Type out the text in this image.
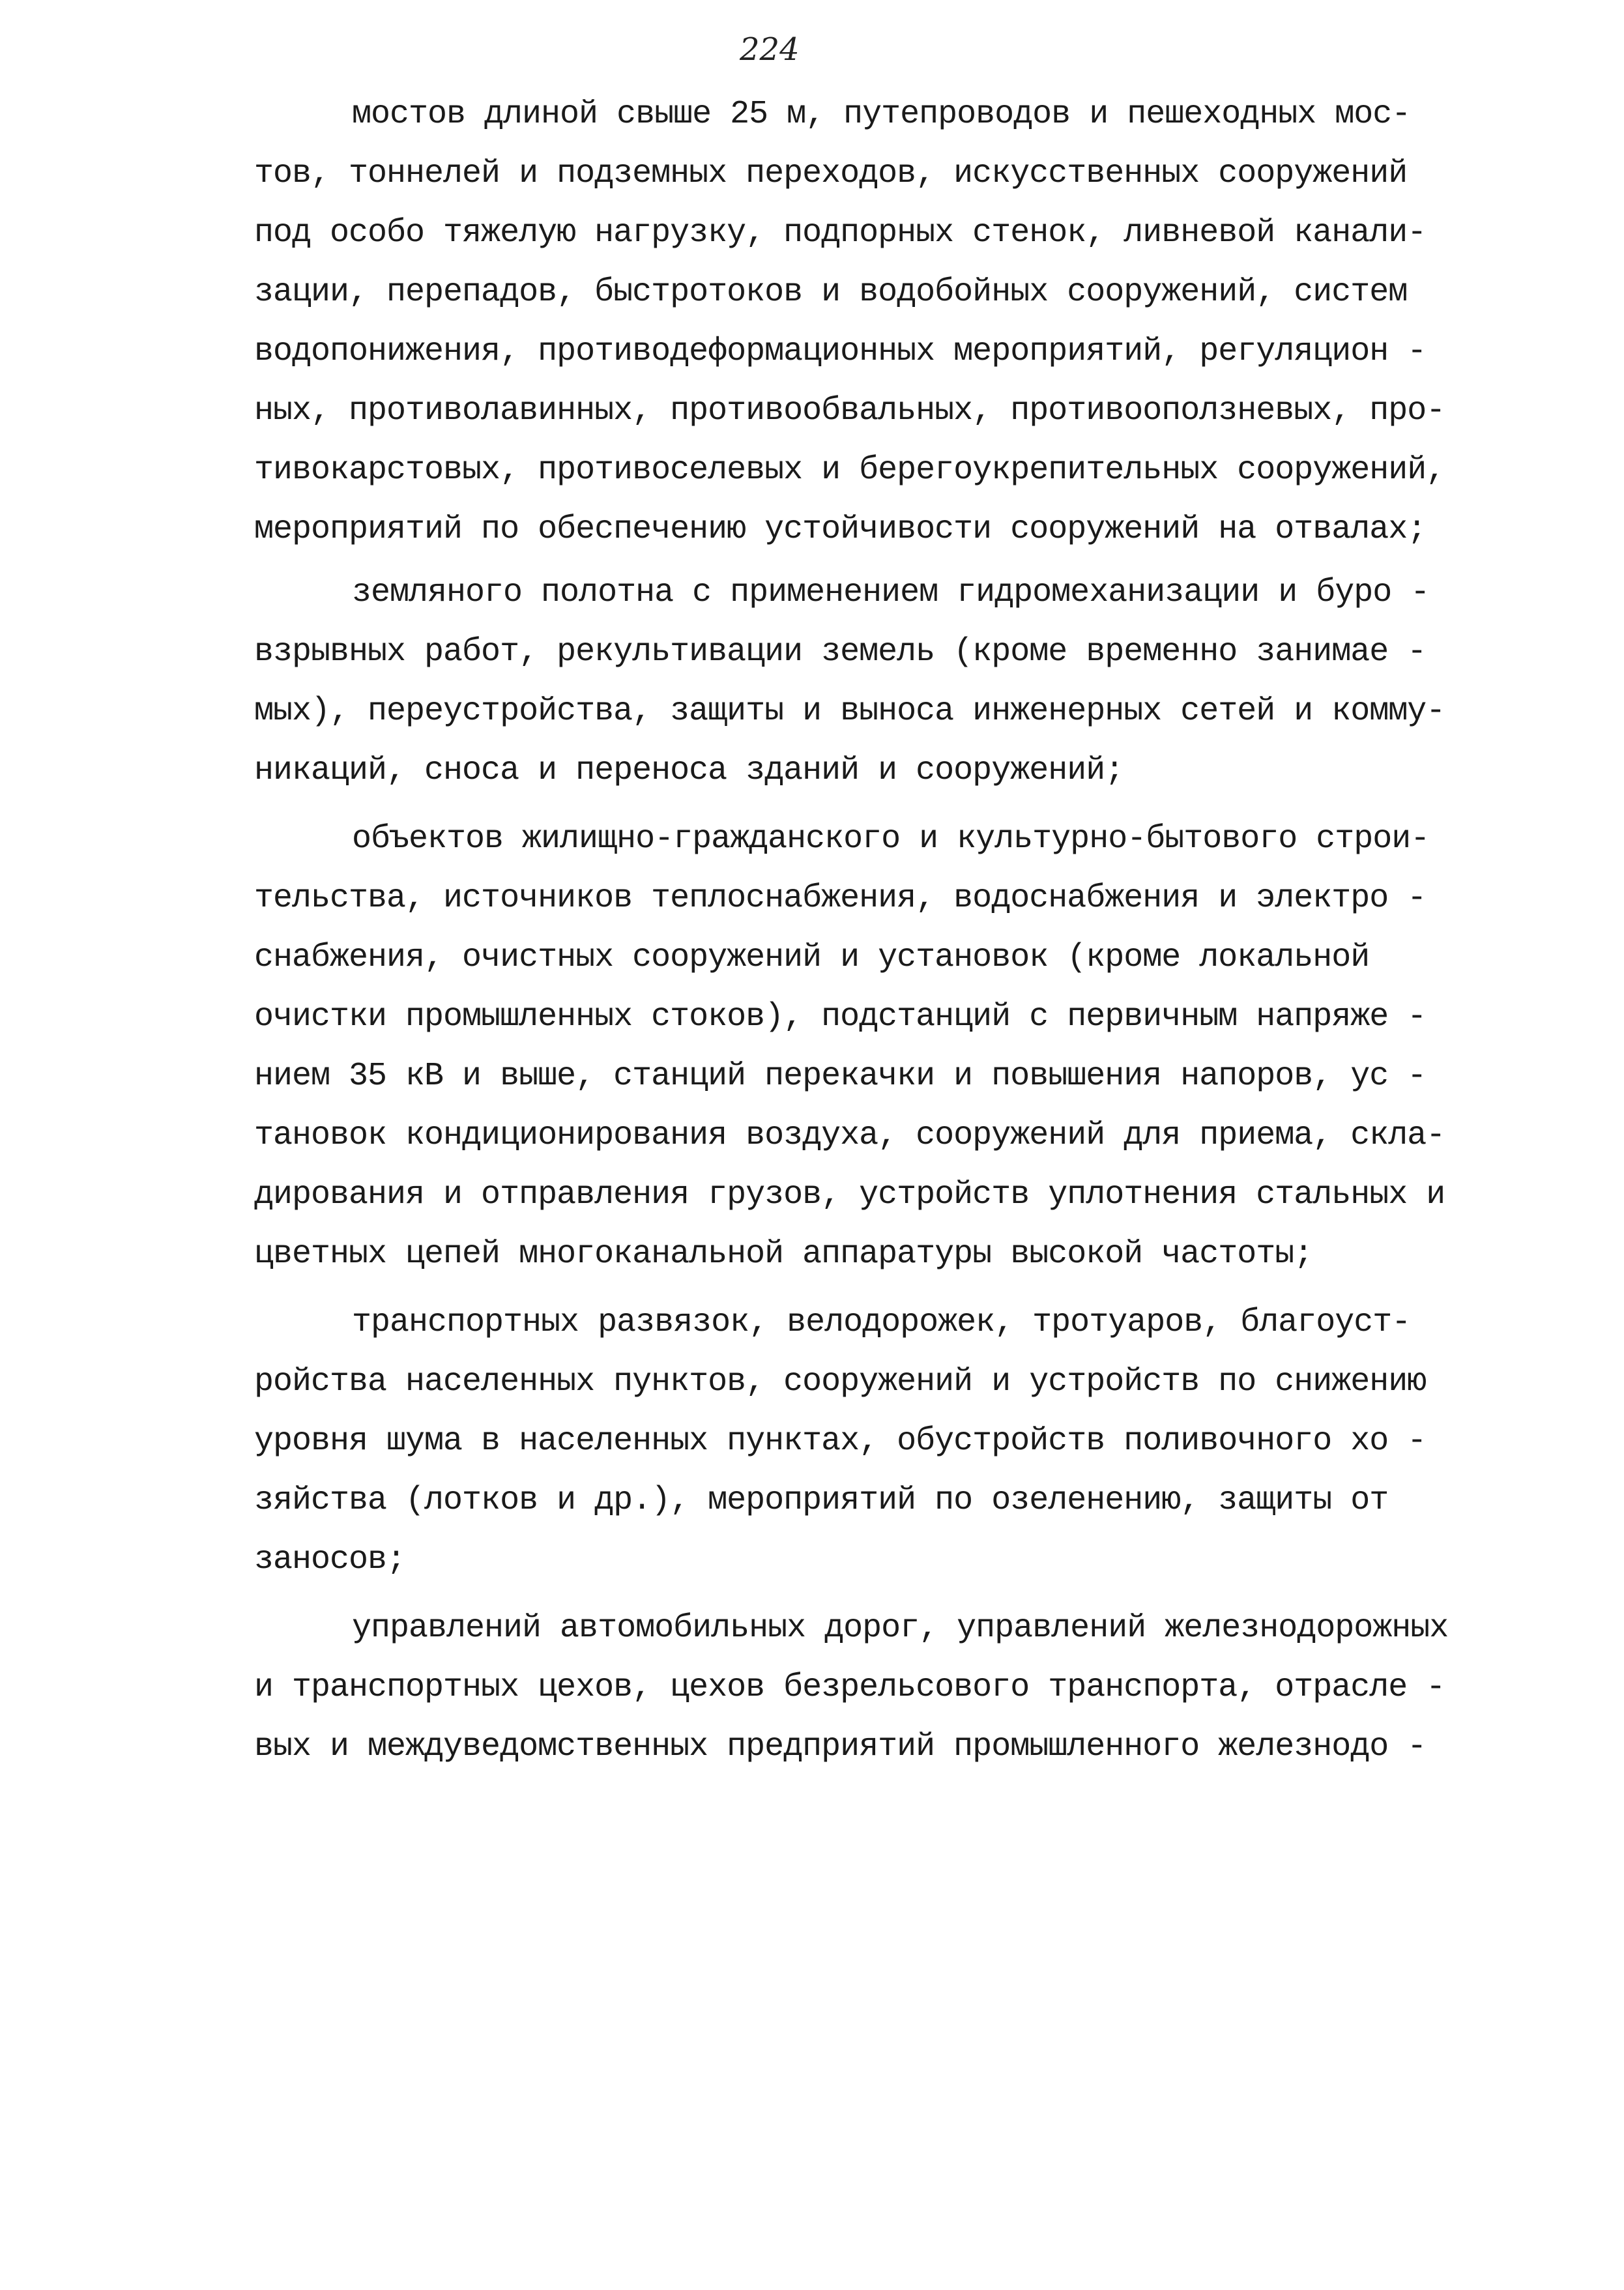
224
мостов длиной свыше 25 м, путепроводов и пешеходных мос-
тов, тоннелей и подземных переходов, искусственных сооружений
под особо тяжелую нагрузку, подпорных стенок, ливневой канали-
зации, перепадов, быстротоков и водобойных сооружений, систем
водопонижения, противодеформационных мероприятий, регуляцион -
ных, противолавинных, противообвальных, противооползневых, про-
тивокарстовых, противоселевых и берегоукрепительных сооружений,
мероприятий по обеспечению устойчивости сооружений на отвалах;
земляного полотна с применением гидромеханизации и буро -
взрывных работ, рекультивации земель (кроме временно занимае -
мых), переустройства, защиты и выноса инженерных сетей и комму-
никаций, сноса и переноса зданий и сооружений;
объектов жилищно-гражданского и культурно-бытового строи-
тельства, источников теплоснабжения, водоснабжения и электро -
снабжения, очистных сооружений и установок (кроме локальной
очистки промышленных стоков), подстанций с первичным напряже -
нием 35 кВ и выше, станций перекачки и повышения напоров, ус -
тановок кондиционирования воздуха, сооружений для приема, скла-
дирования и отправления грузов, устройств уплотнения стальных и
цветных цепей многоканальной аппаратуры высокой частоты;
транспортных развязок, велодорожек, тротуаров, благоуст-
ройства населенных пунктов, сооружений и устройств по снижению
уровня шума в населенных пунктах, обустройств поливочного хо -
зяйства (лотков и др.), мероприятий по озеленению, защиты от
заносов;
управлений автомобильных дорог, управлений железнодорожных
и транспортных цехов, цехов безрельсового транспорта, отрасле -
вых и междуведомственных предприятий промышленного железнодо -
